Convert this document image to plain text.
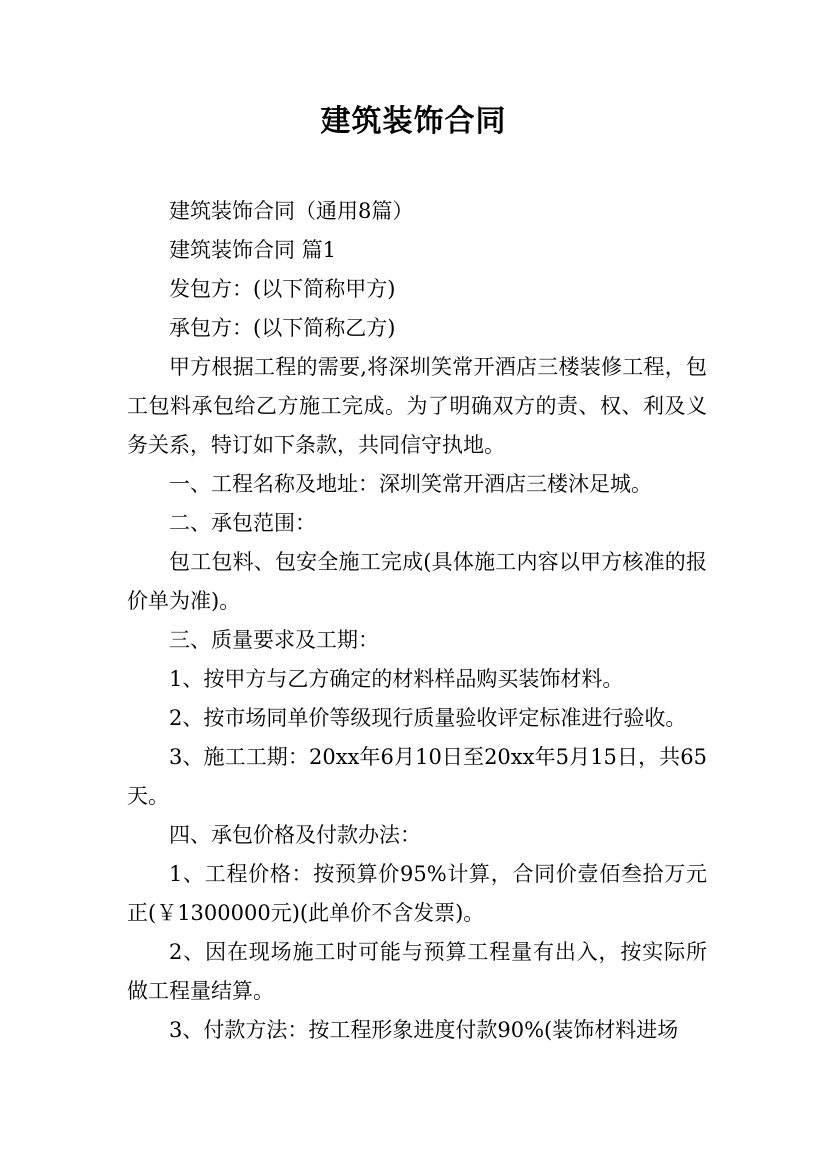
建筑装饰合同

建筑装饰合同（通用8篇）

建筑装饰合同 篇1

发包方：(以下简称甲方)

承包方：(以下简称乙方)

甲方根据工程的需要,将深圳笑常开酒店三楼装修工程，包工包料承包给乙方施工完成。为了明确双方的责、权、利及义务关系，特订如下条款，共同信守执地。

一、工程名称及地址：深圳笑常开酒店三楼沐足城。

二、承包范围：

包工包料、包安全施工完成(具体施工内容以甲方核准的报价单为准)。

三、质量要求及工期：

1、按甲方与乙方确定的材料样品购买装饰材料。

2、按市场同单价等级现行质量验收评定标准进行验收。

3、施工工期：20xx年6月10日至20xx年5月15日，共65天。

四、承包价格及付款办法：

1、工程价格：按预算价95%计算，合同价壹佰叁拾万元正(￥1300000元)(此单价不含发票)。

2、因在现场施工时可能与预算工程量有出入，按实际所做工程量结算。

3、付款方法：按工程形象进度付款90%(装饰材料进场
